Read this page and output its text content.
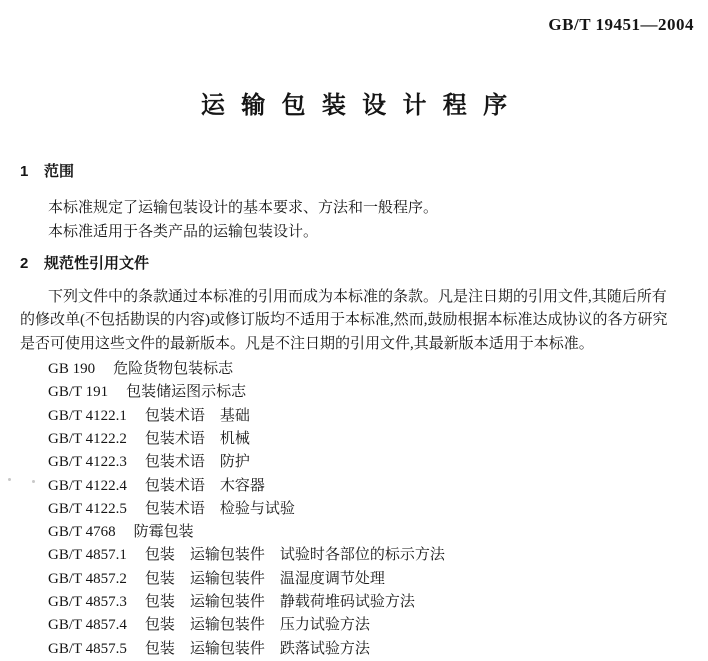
GB/T 19451—2004
运输包装设计程序
1 范围
本标准规定了运输包装设计的基本要求、方法和一般程序。
本标准适用于各类产品的运输包装设计。
2 规范性引用文件
下列文件中的条款通过本标准的引用而成为本标准的条款。凡是注日期的引用文件,其随后所有
的修改单(不包括勘误的内容)或修订版均不适用于本标准,然而,鼓励根据本标准达成协议的各方研究
是否可使用这些文件的最新版本。凡是不注日期的引用文件,其最新版本适用于本标准。
GB 190 危险货物包装标志
GB/T 191 包装储运图示标志
GB/T 4122.1 包装术语　基础
GB/T 4122.2 包装术语　机械
GB/T 4122.3 包装术语　防护
GB/T 4122.4 包装术语　木容器
GB/T 4122.5 包装术语　检验与试验
GB/T 4768 防霉包装
GB/T 4857.1 包装　运输包装件　试验时各部位的标示方法
GB/T 4857.2 包装　运输包装件　温湿度调节处理
GB/T 4857.3 包装　运输包装件　静载荷堆码试验方法
GB/T 4857.4 包装　运输包装件　压力试验方法
GB/T 4857.5 包装　运输包装件　跌落试验方法
